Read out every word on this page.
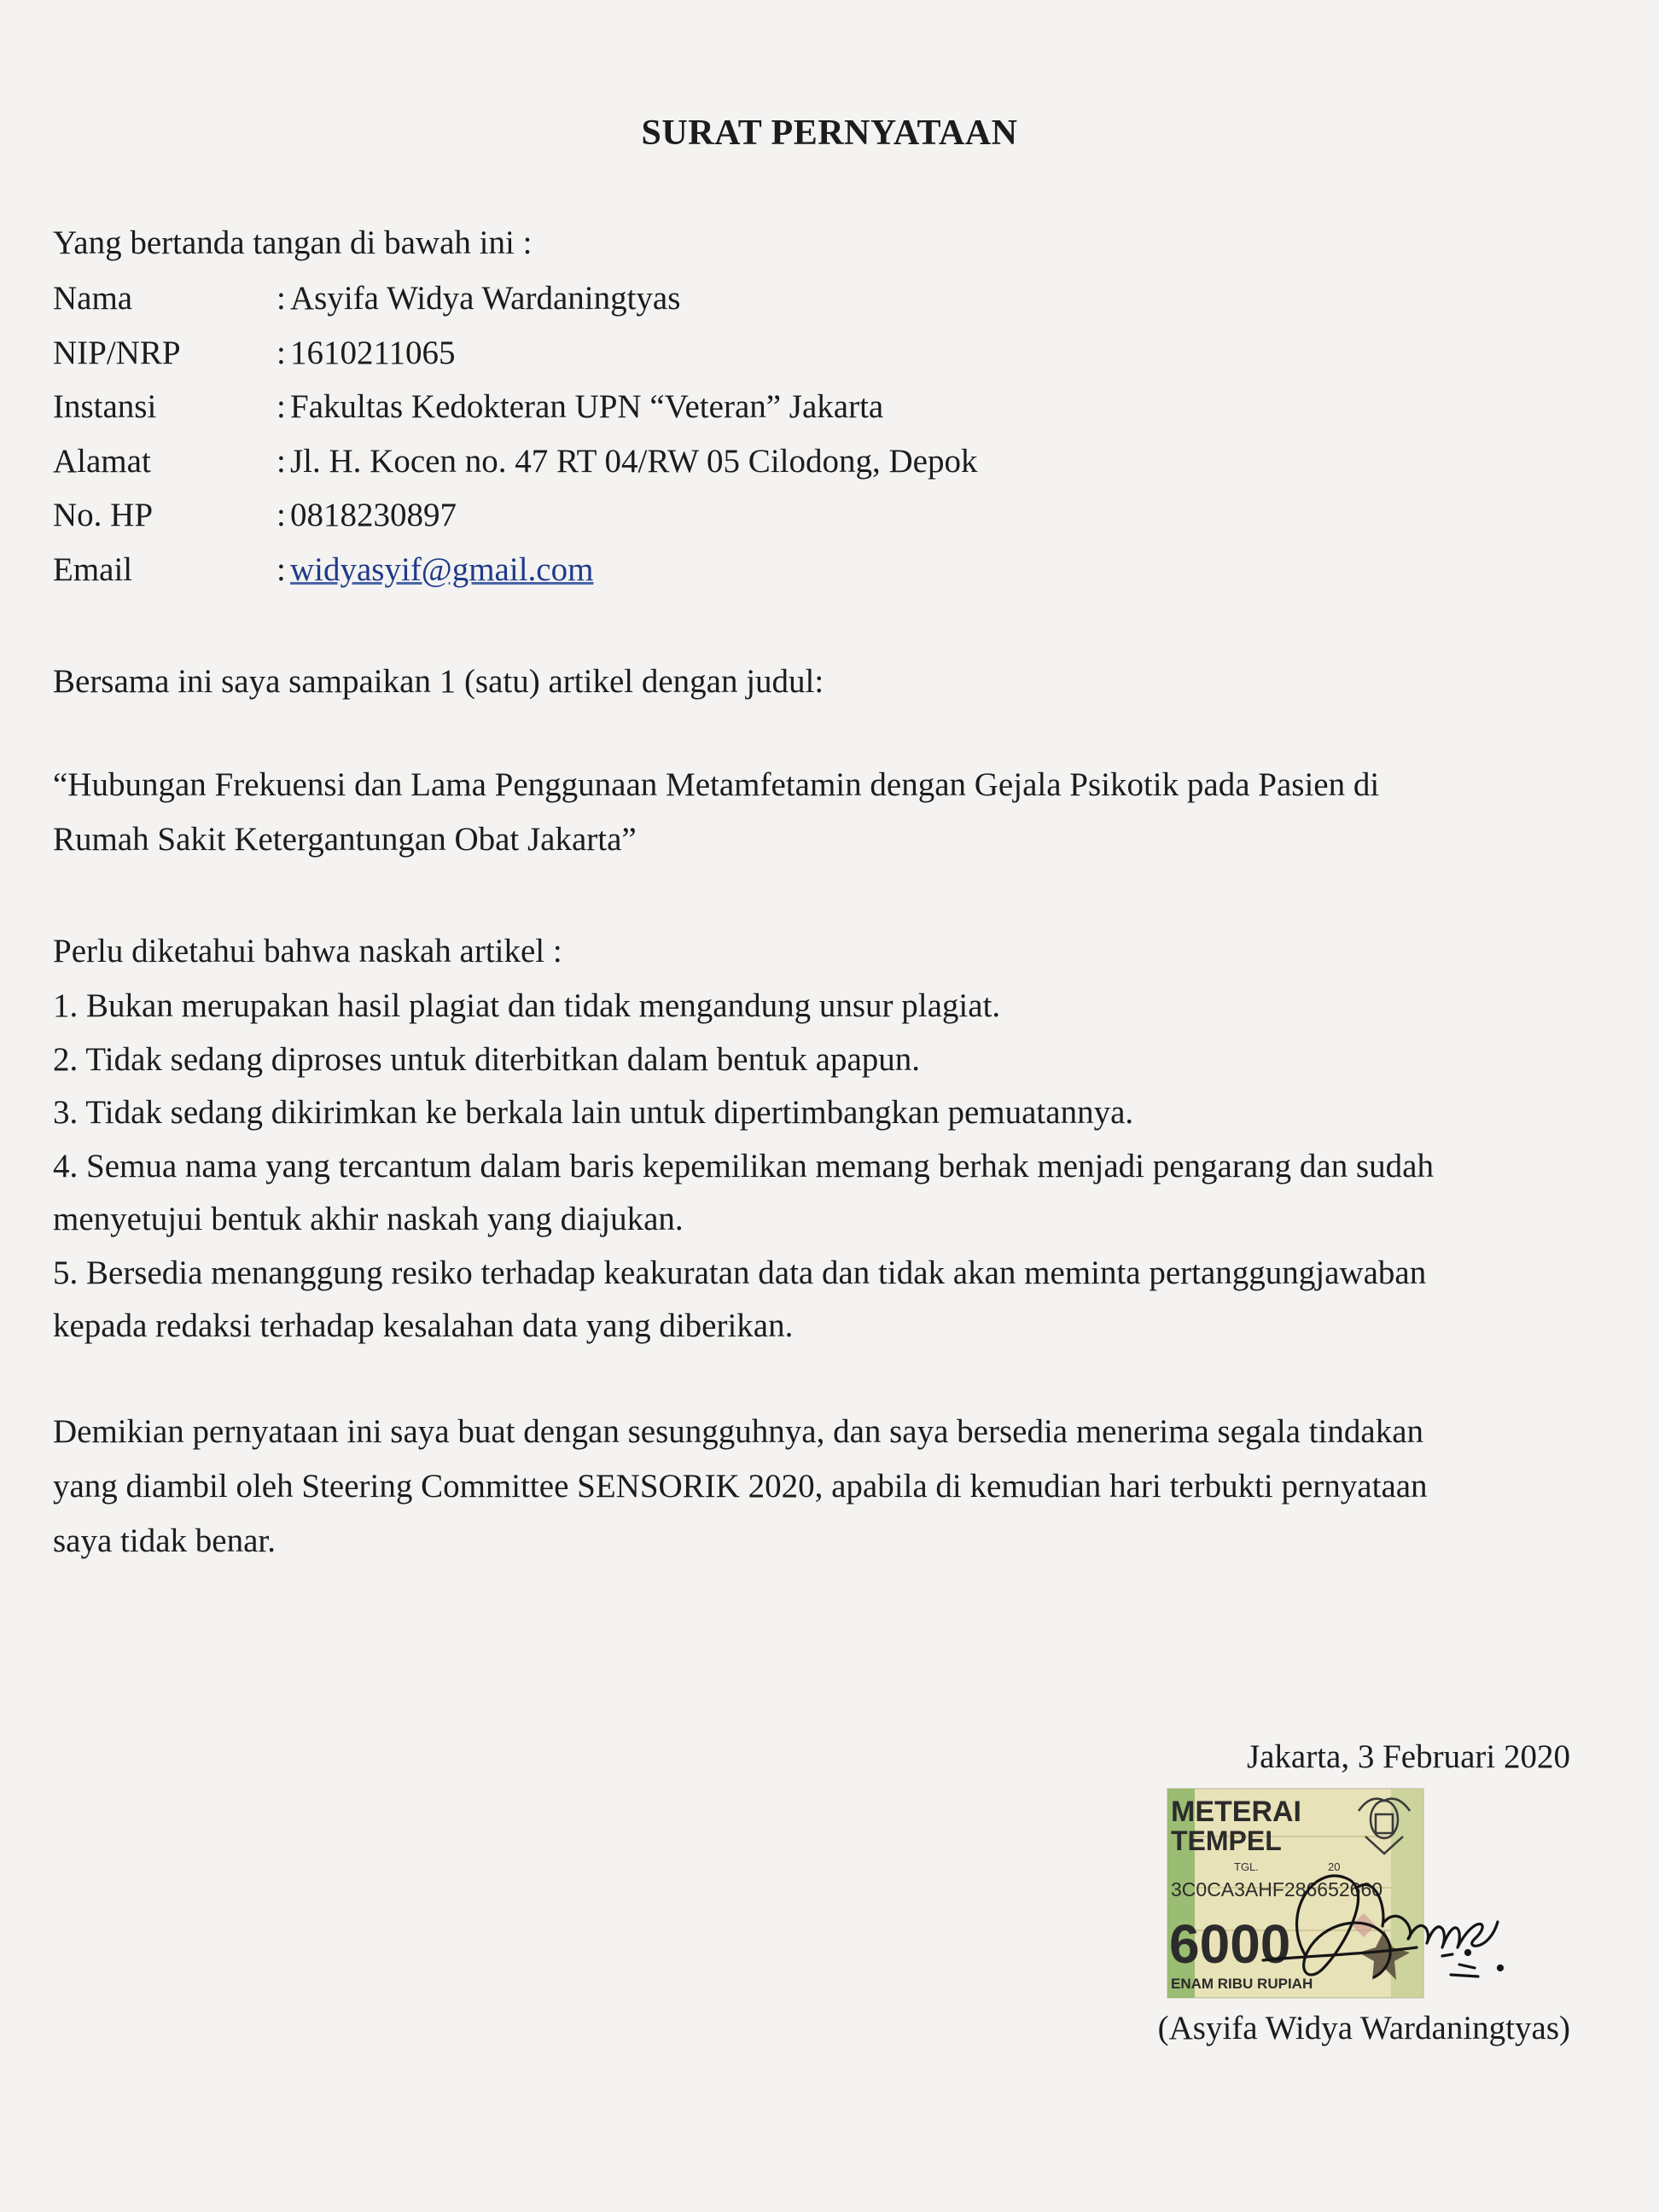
SURAT PERNYATAAN
Yang bertanda tangan di bawah ini :
Nama	: Asyifa Widya Wardaningtyas
NIP/NRP	: 1610211065
Instansi	: Fakultas Kedokteran UPN “Veteran” Jakarta
Alamat	: Jl. H. Kocen no. 47 RT 04/RW 05 Cilodong, Depok
No. HP	: 0818230897
Email	: widyasyif@gmail.com
Bersama ini saya sampaikan 1 (satu) artikel dengan judul:
“Hubungan Frekuensi dan Lama Penggunaan Metamfetamin dengan Gejala Psikotik pada Pasien di
Rumah Sakit Ketergantungan Obat Jakarta”
Perlu diketahui bahwa naskah artikel :
1. Bukan merupakan hasil plagiat dan tidak mengandung unsur plagiat.
2. Tidak sedang diproses untuk diterbitkan dalam bentuk apapun.
3. Tidak sedang dikirimkan ke berkala lain untuk dipertimbangkan pemuatannya.
4. Semua nama yang tercantum dalam baris kepemilikan memang berhak menjadi pengarang dan sudah
menyetujui bentuk akhir naskah yang diajukan.
5. Bersedia menanggung resiko terhadap keakuratan data dan tidak akan meminta pertanggungjawaban
kepada redaksi terhadap kesalahan data yang diberikan.
Demikian pernyataan ini saya buat dengan sesungguhnya, dan saya bersedia menerima segala tindakan
yang diambil oleh Steering Committee SENSORIK 2020, apabila di kemudian hari terbukti pernyataan
saya tidak benar.
Jakarta, 3 Februari 2020
METERAI
TEMPEL
TGL.	20
3C0CA3AHF286652660
6000
ENAM RIBU RUPIAH
(Asyifa Widya Wardaningtyas)
